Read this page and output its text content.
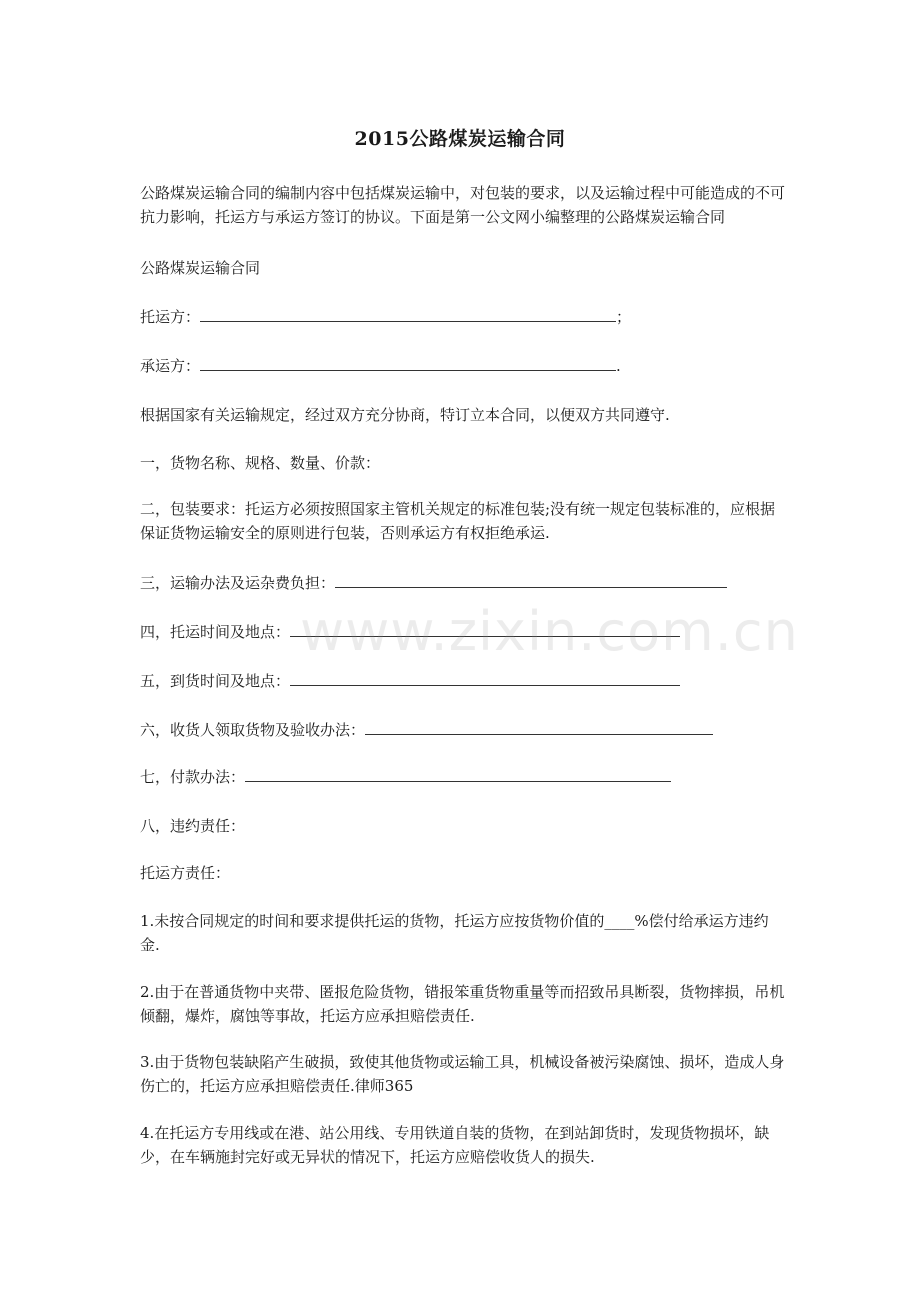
2015公路煤炭运输合同
公路煤炭运输合同的编制内容中包括煤炭运输中，对包装的要求，以及运输过程中可能造成的不可抗力影响，托运方与承运方签订的协议。下面是第一公文网小编整理的公路煤炭运输合同
公路煤炭运输合同
托运方：	；
承运方：	.
根据国家有关运输规定，经过双方充分协商，特订立本合同，以便双方共同遵守.
一，货物名称、规格、数量、价款：
二，包装要求：托运方必须按照国家主管机关规定的标准包装;没有统一规定包装标准的，应根据保证货物运输安全的原则进行包装，否则承运方有权拒绝承运.
三，运输办法及运杂费负担：
四，托运时间及地点：
五，到货时间及地点：
六，收货人领取货物及验收办法：
七，付款办法：
八，违约责任：
托运方责任：
1.未按合同规定的时间和要求提供托运的货物，托运方应按货物价值的____%偿付给承运方违约金.
2.由于在普通货物中夹带、匿报危险货物，错报笨重货物重量等而招致吊具断裂，货物摔损，吊机倾翻，爆炸，腐蚀等事故，托运方应承担赔偿责任.
3.由于货物包装缺陷产生破损，致使其他货物或运输工具，机械设备被污染腐蚀、损坏，造成人身伤亡的，托运方应承担赔偿责任.律师365
4.在托运方专用线或在港、站公用线、专用铁道自装的货物，在到站卸货时，发现货物损坏，缺少，在车辆施封完好或无异状的情况下，托运方应赔偿收货人的损失.
www.zixin.com.cn
